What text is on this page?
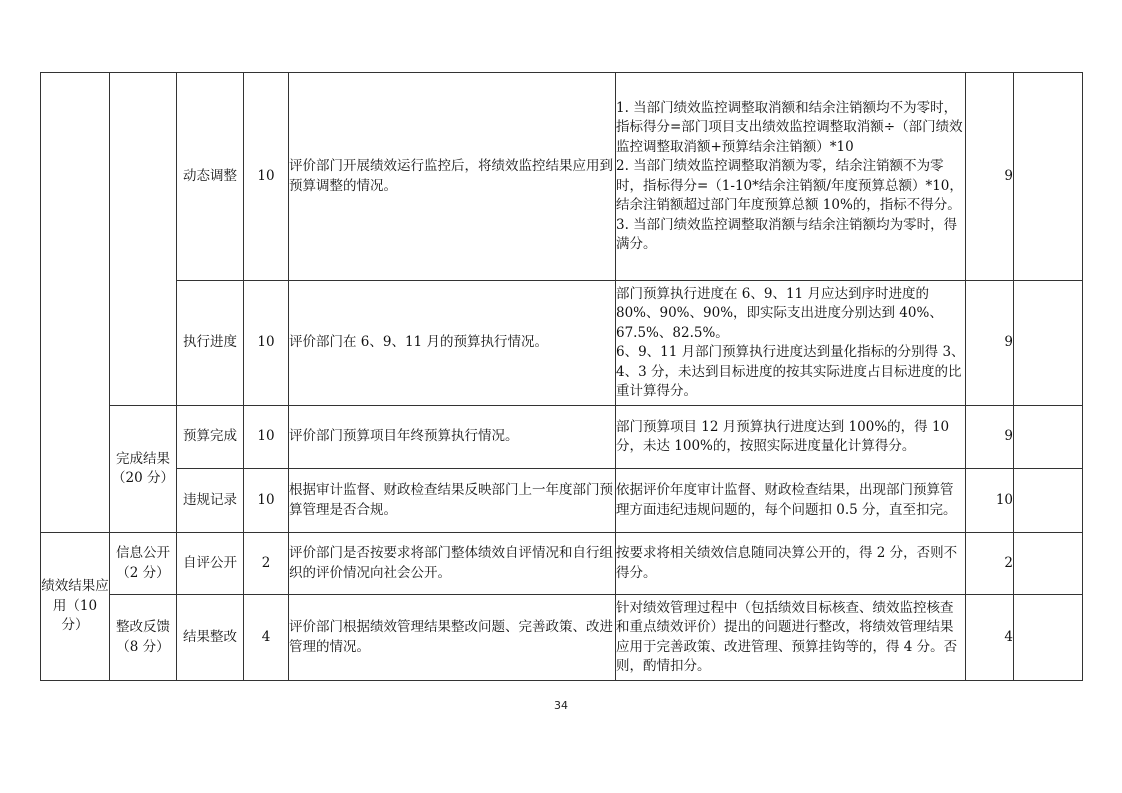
		动态调整	10	评价部门开展绩效运行监控后，将绩效监控结果应用到预算调整的情况。	1. 当部门绩效监控调整取消额和结余注销额均不为零时，指标得分=部门项目支出绩效监控调整取消额÷（部门绩效监控调整取消额+预算结余注销额）*10
2. 当部门绩效监控调整取消额为零，结余注销额不为零时，指标得分=（1-10*结余注销额/年度预算总额）*10，结余注销额超过部门年度预算总额 10%的，指标不得分。
3. 当部门绩效监控调整取消额与结余注销额均为零时，得满分。	9	
		执行进度	10	评价部门在 6、9、11 月的预算执行情况。	部门预算执行进度在 6、9、11 月应达到序时进度的 80%、90%、90%，即实际支出进度分别达到 40%、67.5%、82.5%。
6、9、11 月部门预算执行进度达到量化指标的分别得 3、4、3 分，未达到目标进度的按其实际进度占目标进度的比重计算得分。	9	
	完成结果（20 分）	预算完成	10	评价部门预算项目年终预算执行情况。	部门预算项目 12 月预算执行进度达到 100%的，得 10 分，未达 100%的，按照实际进度量化计算得分。	9	
		违规记录	10	根据审计监督、财政检查结果反映部门上一年度部门预算管理是否合规。	依据评价年度审计监督、财政检查结果，出现部门预算管理方面违纪违规问题的，每个问题扣 0.5 分，直至扣完。	10	
绩效结果应用（10 分）	信息公开（2 分）	自评公开	2	评价部门是否按要求将部门整体绩效自评情况和自行组织的评价情况向社会公开。	按要求将相关绩效信息随同决算公开的，得 2 分，否则不得分。	2	
	整改反馈（8 分）	结果整改	4	评价部门根据绩效管理结果整改问题、完善政策、改进管理的情况。	针对绩效管理过程中（包括绩效目标核查、绩效监控核查和重点绩效评价）提出的问题进行整改，将绩效管理结果应用于完善政策、改进管理、预算挂钩等的，得 4 分。否则，酌情扣分。	4	
34
